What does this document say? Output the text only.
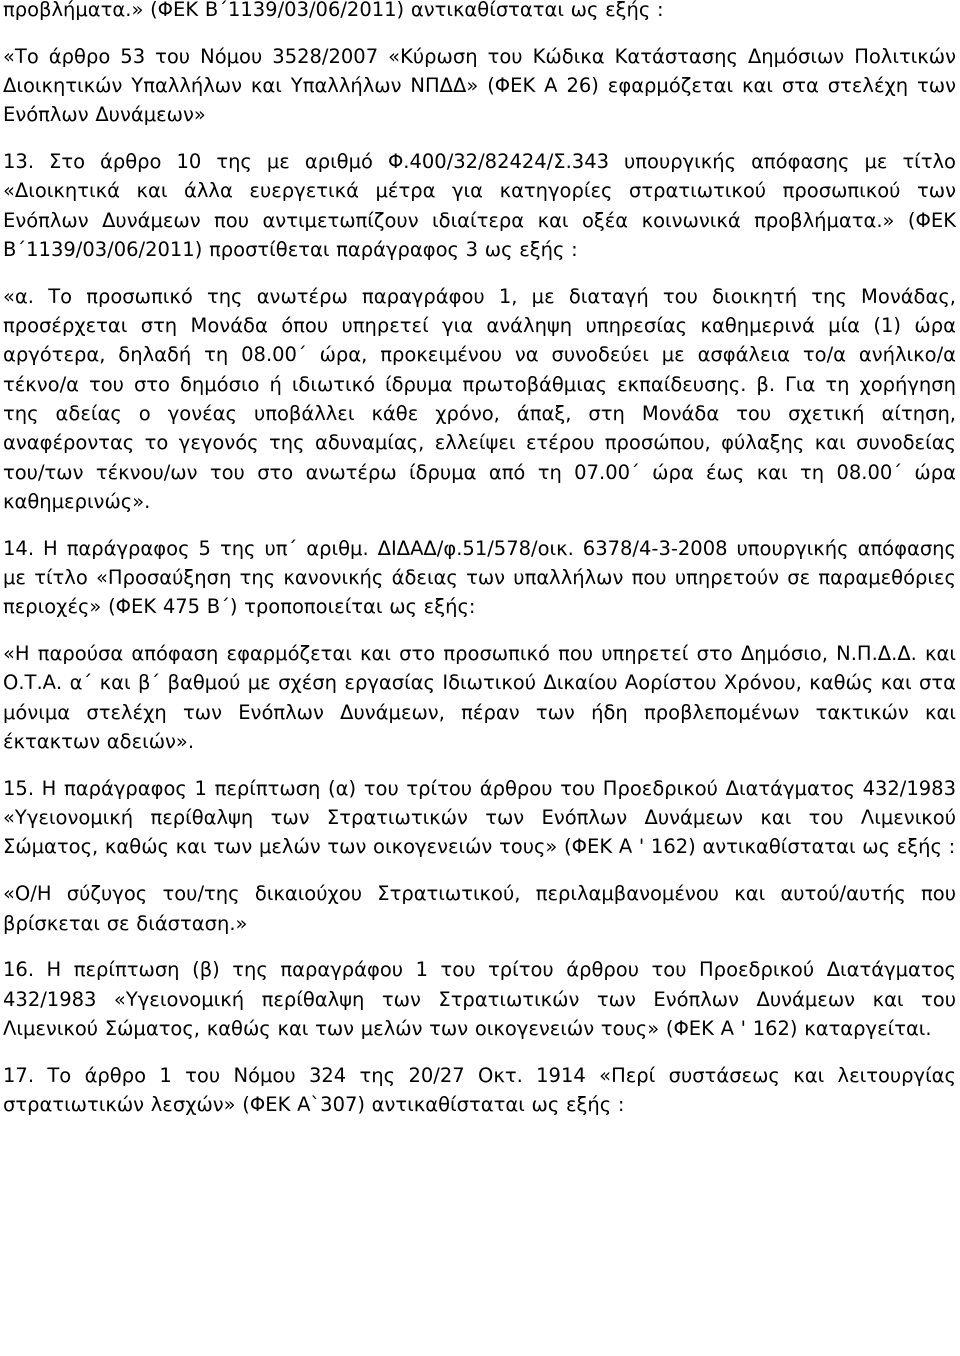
προβλήματα.» (ΦΕΚ Β΄1139/03/06/2011) αντικαθίσταται ως εξής :

«Το άρθρο 53 του Νόμου 3528/2007 «Κύρωση του Κώδικα Κατάστασης Δημόσιων Πολιτικών Διοικητικών Υπαλλήλων και Υπαλλήλων ΝΠΔΔ» (ΦΕΚ Α 26) εφαρμόζεται και στα στελέχη των Ενόπλων Δυνάμεων»

13. Στο άρθρο 10 της με αριθμό Φ.400/32/82424/Σ.343 υπουργικής απόφασης με τίτλο «Διοικητικά και άλλα ευεργετικά μέτρα για κατηγορίες στρατιωτικού προσωπικού των Ενόπλων Δυνάμεων που αντιμετωπίζουν ιδιαίτερα και οξέα κοινωνικά προβλήματα.» (ΦΕΚ Β΄1139/03/06/2011) προστίθεται παράγραφος 3 ως εξής :

«α. Το προσωπικό της ανωτέρω παραγράφου 1, με διαταγή του διοικητή της Μονάδας, προσέρχεται στη Μονάδα όπου υπηρετεί για ανάληψη υπηρεσίας καθημερινά μία (1) ώρα αργότερα, δηλαδή τη 08.00΄ ώρα, προκειμένου να συνοδεύει με ασφάλεια το/α ανήλικο/α τέκνο/α του στο δημόσιο ή ιδιωτικό ίδρυμα πρωτοβάθμιας εκπαίδευσης. β. Για τη χορήγηση της αδείας ο γονέας υποβάλλει κάθε χρόνο, άπαξ, στη Μονάδα του σχετική αίτηση, αναφέροντας το γεγονός της αδυναμίας, ελλείψει ετέρου προσώπου, φύλαξης και συνοδείας του/των τέκνου/ων του στο ανωτέρω ίδρυμα από τη 07.00΄ ώρα έως και τη 08.00΄ ώρα καθημερινώς».

14. Η παράγραφος 5 της υπ΄ αριθμ. ΔΙΔΑΔ/φ.51/578/οικ. 6378/4-3-2008 υπουργικής απόφασης με τίτλο «Προσαύξηση της κανονικής άδειας των υπαλλήλων που υπηρετούν σε παραμεθόριες περιοχές» (ΦΕΚ 475 Β΄) τροποποιείται ως εξής:

«Η παρούσα απόφαση εφαρμόζεται και στο προσωπικό που υπηρετεί στο Δημόσιο, Ν.Π.Δ.Δ. και Ο.Τ.Α. α΄ και β΄ βαθμού με σχέση εργασίας Ιδιωτικού Δικαίου Αορίστου Χρόνου, καθώς και στα μόνιμα στελέχη των Ενόπλων Δυνάμεων, πέραν των ήδη προβλεπομένων τακτικών και έκτακτων αδειών».

15. Η παράγραφος 1 περίπτωση (α) του τρίτου άρθρου του Προεδρικού Διατάγματος 432/1983 «Υγειονομική περίθαλψη των Στρατιωτικών των Ενόπλων Δυνάμεων και του Λιμενικού Σώματος, καθώς και των μελών των οικογενειών τους» (ΦΕΚ Α ' 162) αντικαθίσταται ως εξής :

«Ο/Η σύζυγος του/της δικαιούχου Στρατιωτικού, περιλαμβανομένου και αυτού/αυτής που βρίσκεται σε διάσταση.»

16. Η περίπτωση (β) της παραγράφου 1 του τρίτου άρθρου του Προεδρικού Διατάγματος 432/1983 «Υγειονομική περίθαλψη των Στρατιωτικών των Ενόπλων Δυνάμεων και του Λιμενικού Σώματος, καθώς και των μελών των οικογενειών τους» (ΦΕΚ Α ' 162) καταργείται.

17. Το άρθρο 1 του Νόμου 324 της 20/27 Οκτ. 1914 «Περί συστάσεως και λειτουργίας στρατιωτικών λεσχών» (ΦΕΚ Α`307) αντικαθίσταται ως εξής :
